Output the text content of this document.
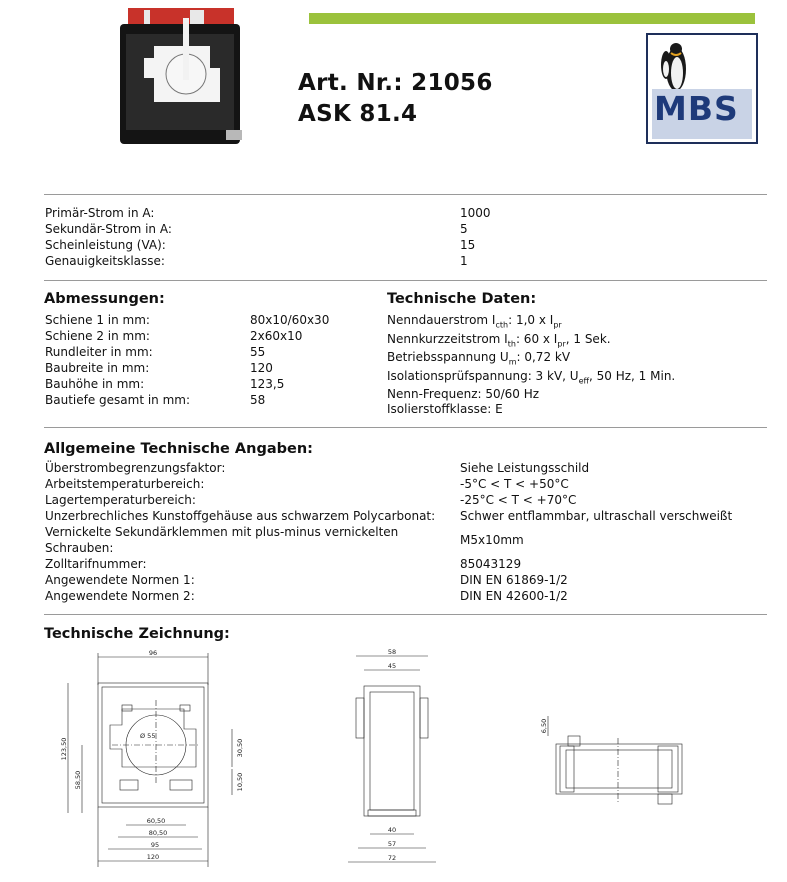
Art. Nr.: 21056
ASK 81.4	MBS
Primär-Strom in A:	1000
Sekundär-Strom in A:	5
Scheinleistung (VA):	15
Genauigkeitsklasse:	1
Abmessungen:
Schiene 1 in mm:	80x10/60x30
Schiene 2 in mm:	2x60x10
Rundleiter in mm:	55
Baubreite in mm:	120
Bauhöhe in mm:	123,5
Bautiefe gesamt in mm:	58
Technische Daten:
Nenndauerstrom $I_{cth}$: 1,0 x $I_{pr}$
Nennkurzzeitstrom $I_{th}$: 60 x $I_{pr}$, 1 Sek.
Betriebsspannung $U_m$: 0,72 kV
Isolationsprüfspannung: 3 kV, $U_{eff}$, 50 Hz, 1 Min.
Nenn-Frequenz: 50/60 Hz
Isolierstoffklasse: E
Allgemeine Technische Angaben:
Überstrombegrenzungsfaktor:	Siehe Leistungsschild
Arbeitstemperaturbereich:	-5°C < T < +50°C
Lagertemperaturbereich:	-25°C < T < +70°C
Unzerbrechliches Kunstoffgehäuse aus schwarzem Polycarbonat: Schwer entflammbar, ultraschall verschweißt
Vernickelte Sekundärklemmen mit plus-minus vernickelten
M5x10mm
Schrauben:
Zolltarifnummer:	85043129
Angewendete Normen 1:	DIN EN 61869-1/2
Angewendete Normen 2:	DIN EN 42600-1/2
Technische Zeichnung:
96
Ø 55
123,50
58,50
30,50
10,50
60,50
80,50
95
120
58
45
40
57
72
6,50
